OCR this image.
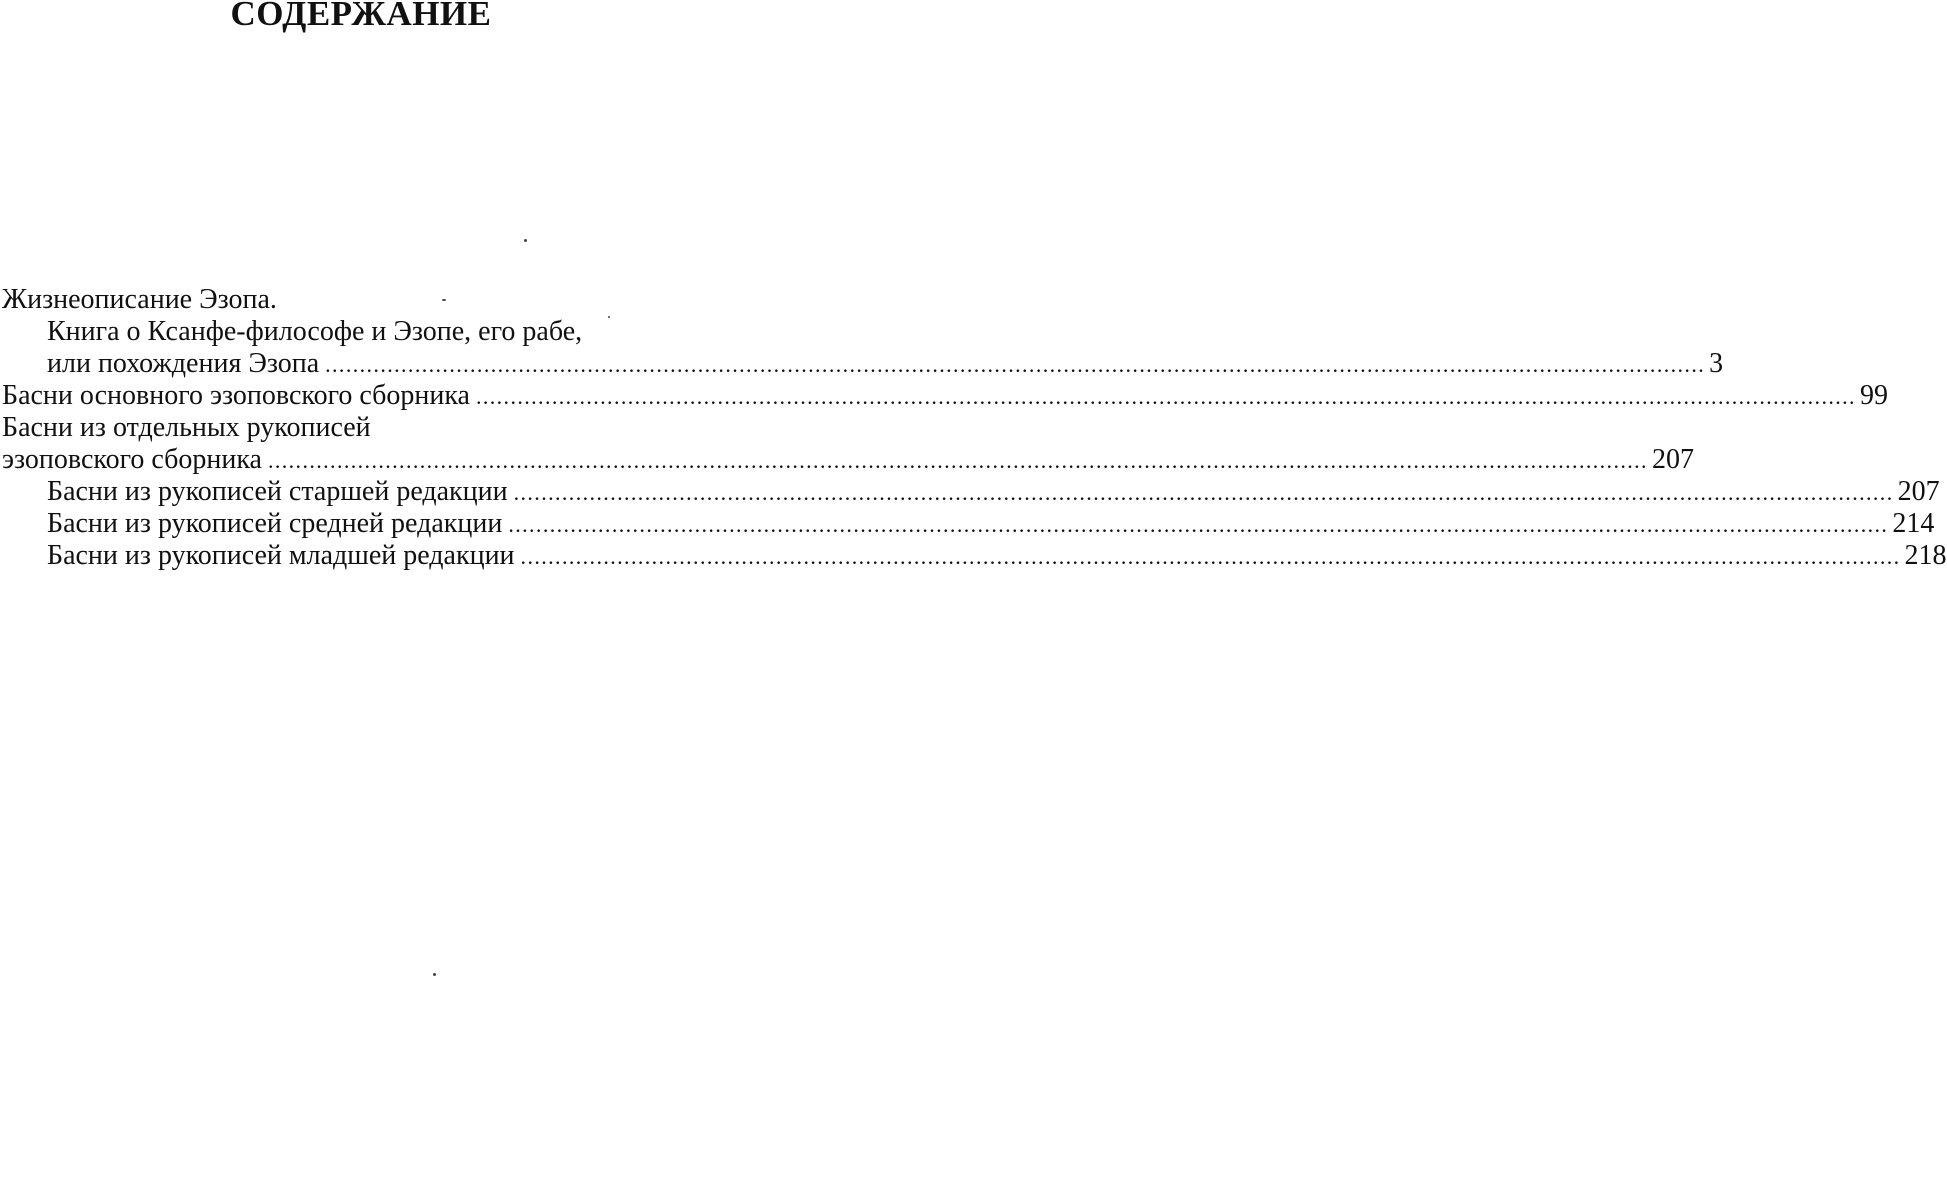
СОДЕРЖАНИЕ
Жизнеописание Эзопа.
Книга о Ксанфе-философе и Эзопе, его рабе,
или похождения Эзопа ........................................................................................................................................................................................................ 3
Басни основного эзоповского сборника ........................................................................................................................................................................................................ 99
Басни из отдельных рукописей
эзоповского сборника ........................................................................................................................................................................................................ 207
Басни из рукописей старшей редакции ........................................................................................................................................................................................................ 207
Басни из рукописей средней редакции ........................................................................................................................................................................................................ 214
Басни из рукописей младшей редакции ........................................................................................................................................................................................................ 218
